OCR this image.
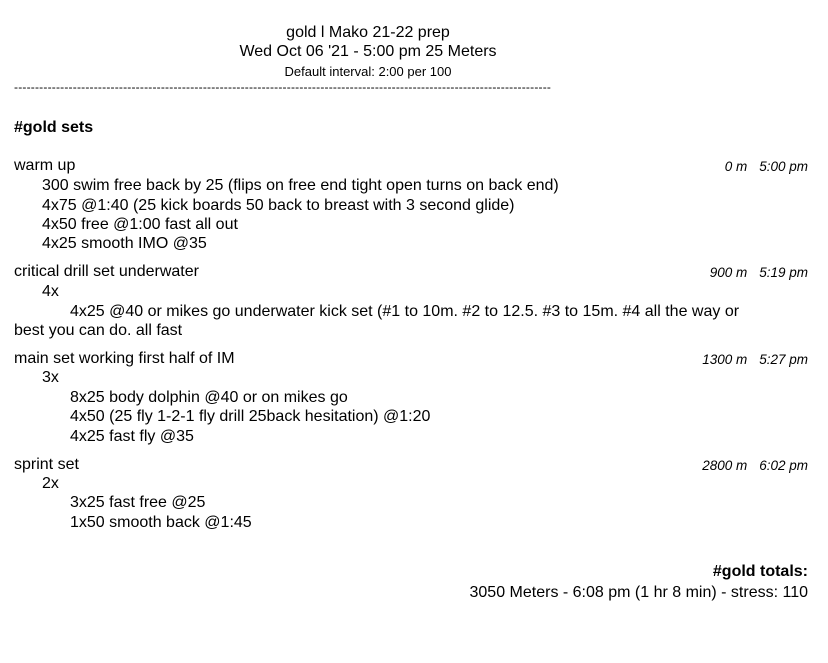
gold l Mako 21-22 prep
Wed Oct 06 '21 - 5:00 pm 25 Meters
Default interval: 2:00 per 100
--------------------------------------------------------------------------------------------------------------------------------
#gold sets
warm up	0 m 5:00 pm
300 swim free back by 25 (flips on free end tight open turns on back end)
4x75 @1:40 (25 kick boards 50 back to breast with 3 second glide)
4x50 free @1:00 fast all out
4x25 smooth IMO @35
critical drill set underwater	900 m 5:19 pm
4x
4x25 @40 or mikes go underwater kick set (#1 to 10m. #2 to 12.5. #3 to 15m. #4 all the way or
best you can do. all fast
main set working first half of IM	1300 m 5:27 pm
3x
8x25 body dolphin @40 or on mikes go
4x50 (25 fly 1-2-1 fly drill 25back hesitation) @1:20
4x25 fast fly @35
sprint set	2800 m 6:02 pm
2x
3x25 fast free @25
1x50 smooth back @1:45
#gold totals:
3050 Meters - 6:08 pm (1 hr 8 min) - stress: 110
